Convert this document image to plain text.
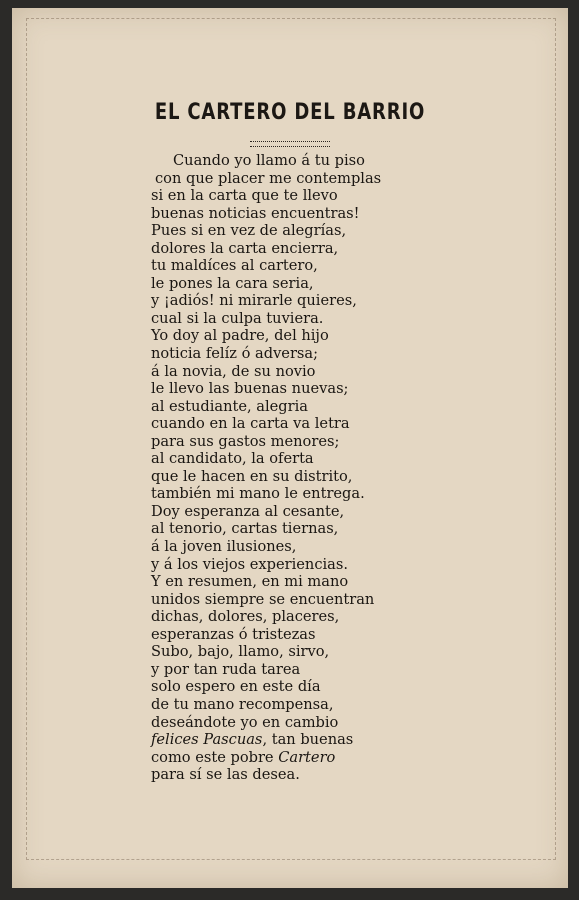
EL CARTERO DEL BARRIO
Cuando yo llamo á tu piso
con que placer me contemplas
si en la carta que te llevo
buenas noticias encuentras!
Pues si en vez de alegrías,
dolores la carta encierra,
tu maldíces al cartero,
le pones la cara seria,
y ¡adiós! ni mirarle quieres,
cual si la culpa tuviera.
Yo doy al padre, del hijo
noticia felíz ó adversa;
á la novia, de su novio
le llevo las buenas nuevas;
al estudiante, alegria
cuando en la carta va letra
para sus gastos menores;
al candidato, la oferta
que le hacen en su distrito,
también mi mano le entrega.
Doy esperanza al cesante,
al tenorio, cartas tiernas,
á la joven ilusiones,
y á los viejos experiencias.
Y en resumen, en mi mano
unidos siempre se encuentran
dichas, dolores, placeres,
esperanzas ó tristezas
Subo, bajo, llamo, sirvo,
y por tan ruda tarea
solo espero en este día
de tu mano recompensa,
deseándote yo en cambio
felices Pascuas, tan buenas
como este pobre Cartero
para sí se las desea.
